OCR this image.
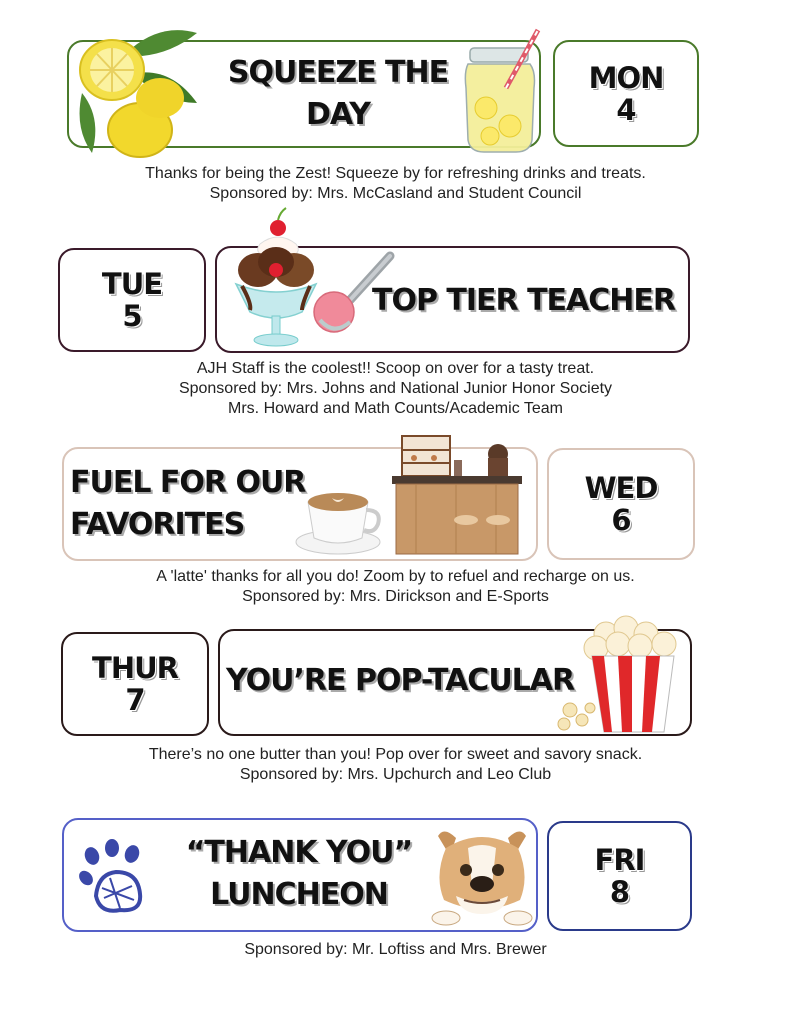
SQUEEZE THE
DAY
MON
4
Thanks for being the Zest! Squeeze by for refreshing drinks and treats.
Sponsored by: Mrs. McCasland and Student Council
TUE
5	TOP TIER TEACHER
AJH Staff is the coolest!! Scoop on over for a tasty treat.
Sponsored by: Mrs. Johns and National Junior Honor Society
Mrs. Howard and Math Counts/Academic Team
FUEL FOR OUR
FAVORITES
WED
6
A 'latte' thanks for all you do! Zoom by to refuel and recharge on us.
Sponsored by: Mrs. Dirickson and E-Sports
THUR
7
YOU’RE POP-TACULAR
There’s no one butter than you! Pop over for sweet and savory snack.
Sponsored by: Mrs. Upchurch and Leo Club
“THANK YOU”
LUNCHEON
FRI
8
Sponsored by: Mr. Loftiss and Mrs. Brewer
